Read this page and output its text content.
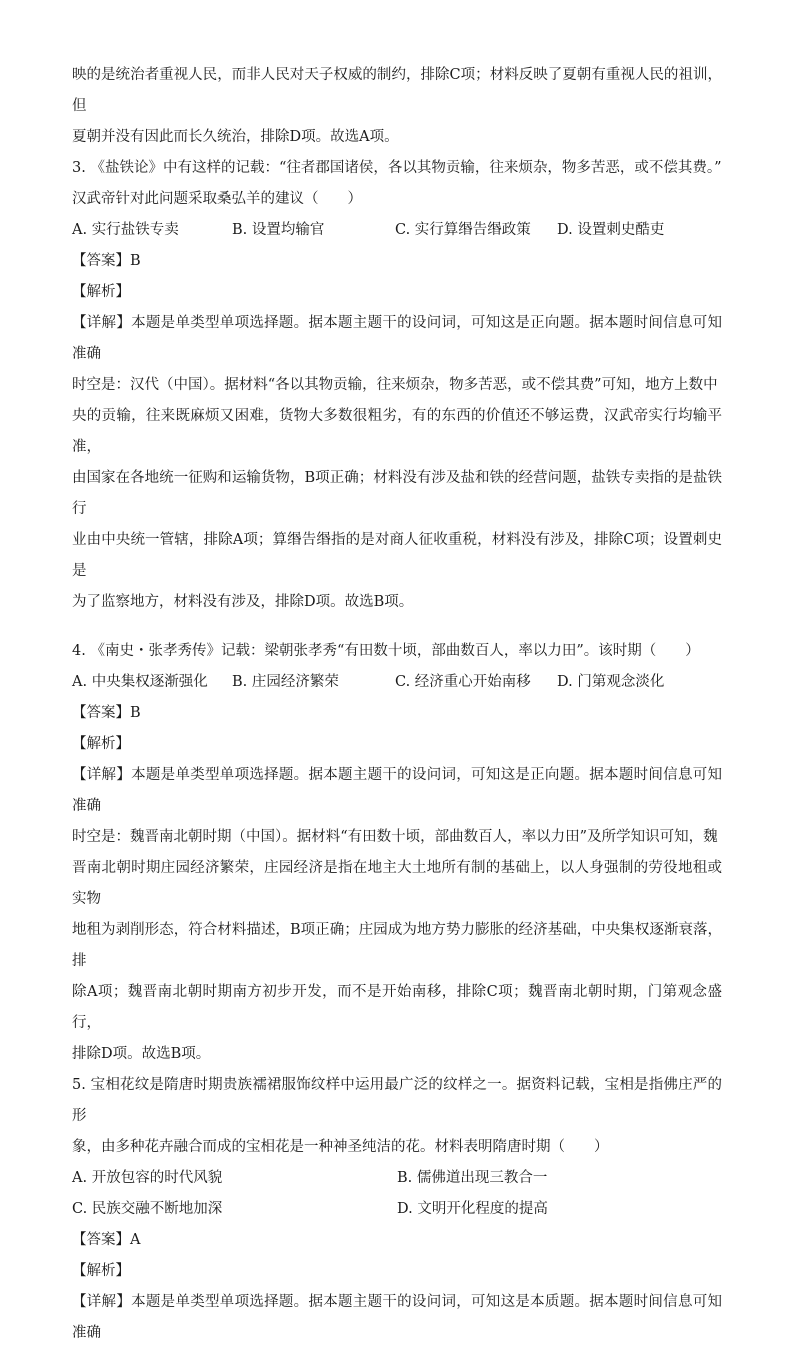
映的是统治者重视人民，而非人民对天子权威的制约，排除C项；材料反映了夏朝有重视人民的祖训，但

夏朝并没有因此而长久统治，排除D项。故选A项。

3. 《盐铁论》中有这样的记载：“往者郡国诸侯，各以其物贡输，往来烦杂，物多苦恶，或不偿其费。”

汉武帝针对此问题采取桑弘羊的建议（　　）

A. 实行盐铁专卖	B. 设置均输官	C. 实行算缗告缗政策	D. 设置刺史酷吏
【答案】B
【解析】

【详解】本题是单类型单项选择题。据本题主题干的设问词，可知这是正向题。据本题时间信息可知准确

时空是：汉代（中国）。据材料“各以其物贡输，往来烦杂，物多苦恶，或不偿其费”可知，地方上数中

央的贡输，往来既麻烦又困难，货物大多数很粗劣，有的东西的价值还不够运费，汉武帝实行均输平准，

由国家在各地统一征购和运输货物，B项正确；材料没有涉及盐和铁的经营问题，盐铁专卖指的是盐铁行

业由中央统一管辖，排除A项；算缗告缗指的是对商人征收重税，材料没有涉及，排除C项；设置刺史是

为了监察地方，材料没有涉及，排除D项。故选B项。

4. 《南史・张孝秀传》记载：梁朝张孝秀“有田数十顷，部曲数百人，率以力田”。该时期（　　）

A. 中央集权逐渐强化	B. 庄园经济繁荣	C. 经济重心开始南移	D. 门第观念淡化
【答案】B
【解析】

【详解】本题是单类型单项选择题。据本题主题干的设问词，可知这是正向题。据本题时间信息可知准确

时空是：魏晋南北朝时期（中国）。据材料“有田数十顷，部曲数百人，率以力田”及所学知识可知，魏

晋南北朝时期庄园经济繁荣，庄园经济是指在地主大土地所有制的基础上，以人身强制的劳役地租或实物

地租为剥削形态，符合材料描述，B项正确；庄园成为地方势力膨胀的经济基础，中央集权逐渐衰落，排

除A项；魏晋南北朝时期南方初步开发，而不是开始南移，排除C项；魏晋南北朝时期，门第观念盛行，

排除D项。故选B项。

5. 宝相花纹是隋唐时期贵族襦裙服饰纹样中运用最广泛的纹样之一。据资料记载，宝相是指佛庄严的形

象，由多种花卉融合而成的宝相花是一种神圣纯洁的花。材料表明隋唐时期（　　）

A. 开放包容的时代风貌	B. 儒佛道出现三教合一
C. 民族交融不断地加深	D. 文明开化程度的提高
【答案】A
【解析】

【详解】本题是单类型单项选择题。据本题主题干的设问词，可知这是本质题。据本题时间信息可知准确
